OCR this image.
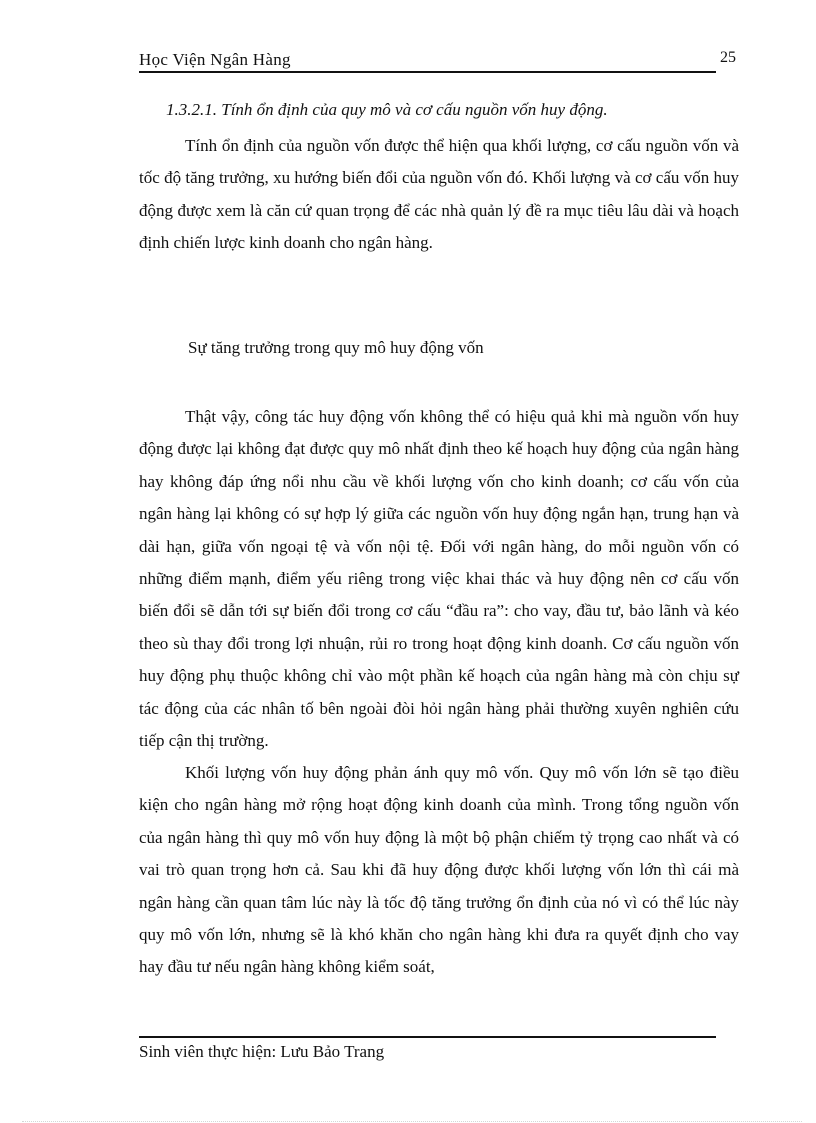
Học Viện Ngân Hàng	25
1.3.2.1. Tính ổn định của quy mô và cơ cấu nguồn vốn huy động.

Tính ổn định của nguồn vốn được thể hiện qua khối lượng, cơ cấu nguồn vốn và tốc độ tăng trưởng, xu hướng biến đổi của nguồn vốn đó. Khối lượng và cơ cấu vốn huy động được xem là căn cứ quan trọng để các nhà quản lý đề ra mục tiêu lâu dài và hoạch định chiến lược kinh doanh cho ngân hàng.

Sự tăng trưởng trong quy mô huy động vốn

Thật vậy, công tác huy động vốn không thể có hiệu quả khi mà nguồn vốn huy động được lại không đạt được quy mô nhất định theo kế hoạch huy động của ngân hàng hay không đáp ứng nổi nhu cầu về khối lượng vốn cho kinh doanh; cơ cấu vốn của ngân hàng lại không có sự hợp lý giữa các nguồn vốn huy động ngắn hạn, trung hạn và dài hạn, giữa vốn ngoại tệ và vốn nội tệ. Đối với ngân hàng, do mỗi nguồn vốn có những điểm mạnh, điểm yếu riêng trong việc khai thác và huy động nên cơ cấu vốn biến đổi sẽ dẫn tới sự biến đổi trong cơ cấu “đầu ra”: cho vay, đầu tư, bảo lãnh và kéo theo sù thay đổi trong lợi nhuận, rủi ro trong hoạt động kinh doanh. Cơ cấu nguồn vốn huy động phụ thuộc không chỉ vào một phần kế hoạch của ngân hàng mà còn chịu sự tác động của các nhân tố bên ngoài đòi hỏi ngân hàng phải thường xuyên nghiên cứu tiếp cận thị trường.

Khối lượng vốn huy động phản ánh quy mô vốn. Quy mô vốn lớn sẽ tạo điều kiện cho ngân hàng mở rộng hoạt động kinh doanh của mình. Trong tổng nguồn vốn của ngân hàng thì quy mô vốn huy động là một bộ phận chiếm tỷ trọng cao nhất và có vai trò quan trọng hơn cả. Sau khi đã huy động được khối lượng vốn lớn thì cái mà ngân hàng cần quan tâm lúc này là tốc độ tăng trưởng ổn định của nó vì có thể lúc này quy mô vốn lớn, nhưng sẽ là khó khăn cho ngân hàng khi đưa ra quyết định cho vay hay đầu tư nếu ngân hàng không kiểm soát,

Sinh viên thực hiện: Lưu Bảo Trang
